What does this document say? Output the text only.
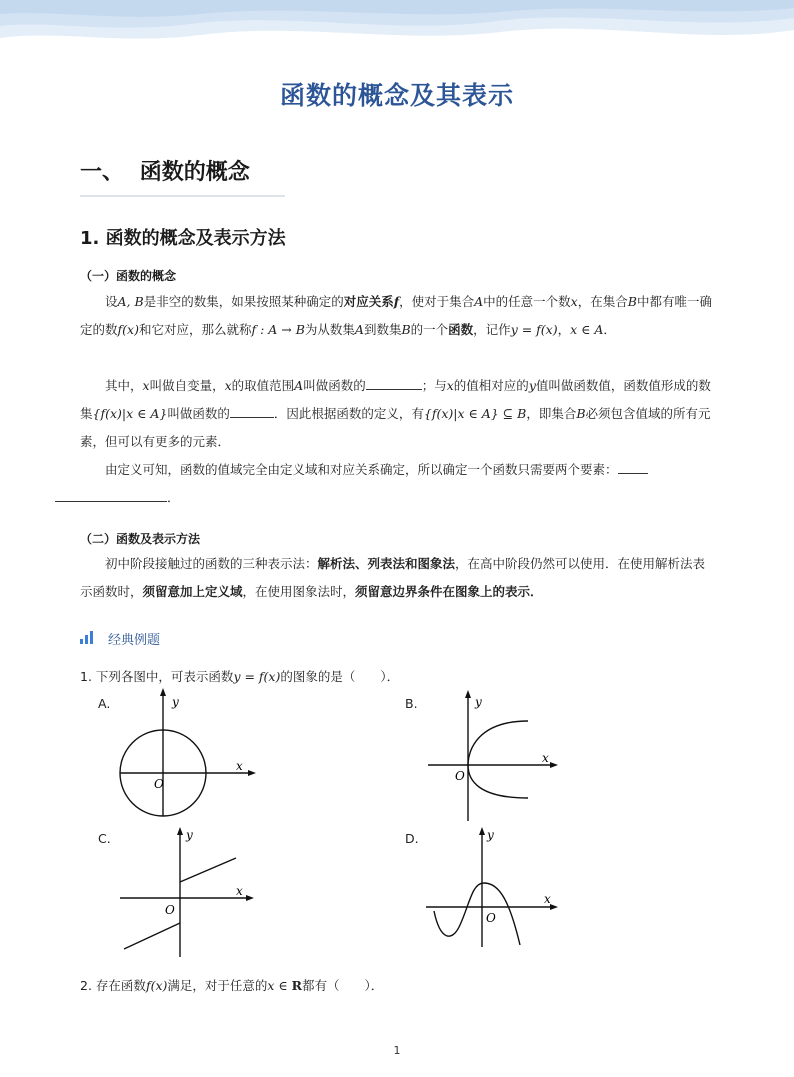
函数的概念及其表示
一、 函数的概念
1. 函数的概念及表示方法
（一）函数的概念
设A, B是非空的数集，如果按照某种确定的对应关系f，使对于集合A中的任意一个数x，在集合B中都有唯一确定的数f(x)和它对应，那么就称f : A → B为从数集A到数集B的一个函数，记作y = f(x)，x ∈ A．
其中，x叫做自变量，x的取值范围A叫做函数的	；与x的值相对应的y值叫做函数值，函数值形成的数集{f(x)|x ∈ A}叫做函数的	．因此根据函数的定义，有{f(x)|x ∈ A} ⊆ B，即集合B必须包含值域的所有元素，但可以有更多的元素．
由定义可知，函数的值域完全由定义域和对应关系确定，所以确定一个函数只需要两个要素：
．
（二）函数及表示方法
初中阶段接触过的函数的三种表示法：解析法、列表法和图象法，在高中阶段仍然可以使用．在使用解析法表示函数时，须留意加上定义域，在使用图象法时，须留意边界条件在图象上的表示．
经典例题
1. 下列各图中，可表示函数y = f(x)的图象的是（　　）．
A.	B.
C.	D.
y
x
O
y
x
O
y
x
O
y
x
O
2. 存在函数f(x)满足，对于任意的x ∈ R都有（　　）．
1
